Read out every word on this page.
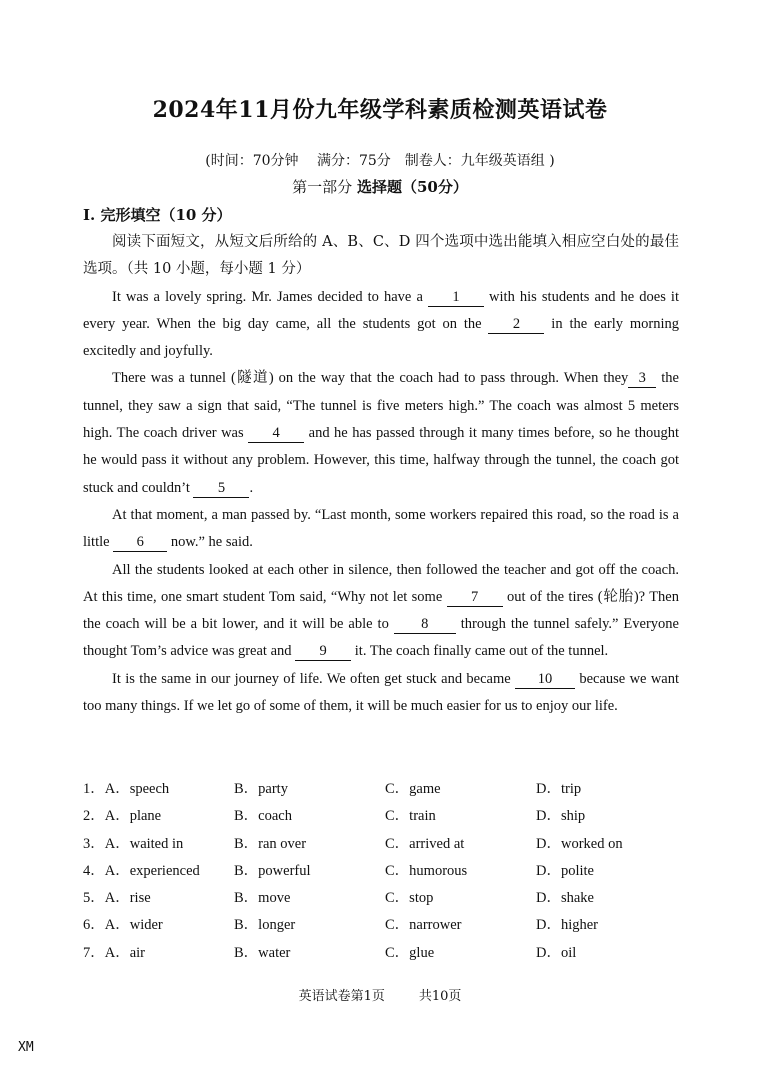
2024年11月份九年级学科素质检测英语试卷
(时间：70分钟　 满分：75分　制卷人：九年级英语组 )
第一部分 选择题（50分）
I. 完形填空（10 分）

阅读下面短文，从短文后所给的 A、B、C、D 四个选项中选出能填入相应空白处的最佳选项。（共 10 小题，每小题 1 分）

It was a lovely spring. Mr. James decided to have a 1 with his students and he does it every year. When the big day came, all the students got on the 2 in the early morning excitedly and joyfully.

There was a tunnel (隧道) on the way that the coach had to pass through. When they 3 the tunnel, they saw a sign that said, “The tunnel is five meters high.” The coach was almost 5 meters high. The coach driver was 4 and he has passed through it many times before, so he thought he would pass it without any problem. However, this time, halfway through the tunnel, the coach got stuck and couldn’t 5 .

At that moment, a man passed by. “Last month, some workers repaired this road, so the road is a little 6 now.” he said.

All the students looked at each other in silence, then followed the teacher and got off the coach. At this time, one smart student Tom said, “Why not let some 7 out of the tires (轮胎)? Then the coach will be a bit lower, and it will be able to 8 through the tunnel safely.” Everyone thought Tom’s advice was great and 9 it. The coach finally came out of the tunnel.

It is the same in our journey of life. We often get stuck and became 10 because we want too many things. If we let go of some of them, it will be much easier for us to enjoy our life.

1．A．speech	B．party	C．game	D．trip
2．A．plane	B．coach	C．train	D．ship
3．A．waited in	B．ran over	C．arrived at	D．worked on
4．A．experienced B．powerful	C．humorous	D．polite
5．A．rise	B．move	C．stop	D．shake
6．A．wider	B．longer	C．narrower	D．higher
7．A．air	B．water	C．glue	D．oil
英语试卷第1页	共10页
XM
